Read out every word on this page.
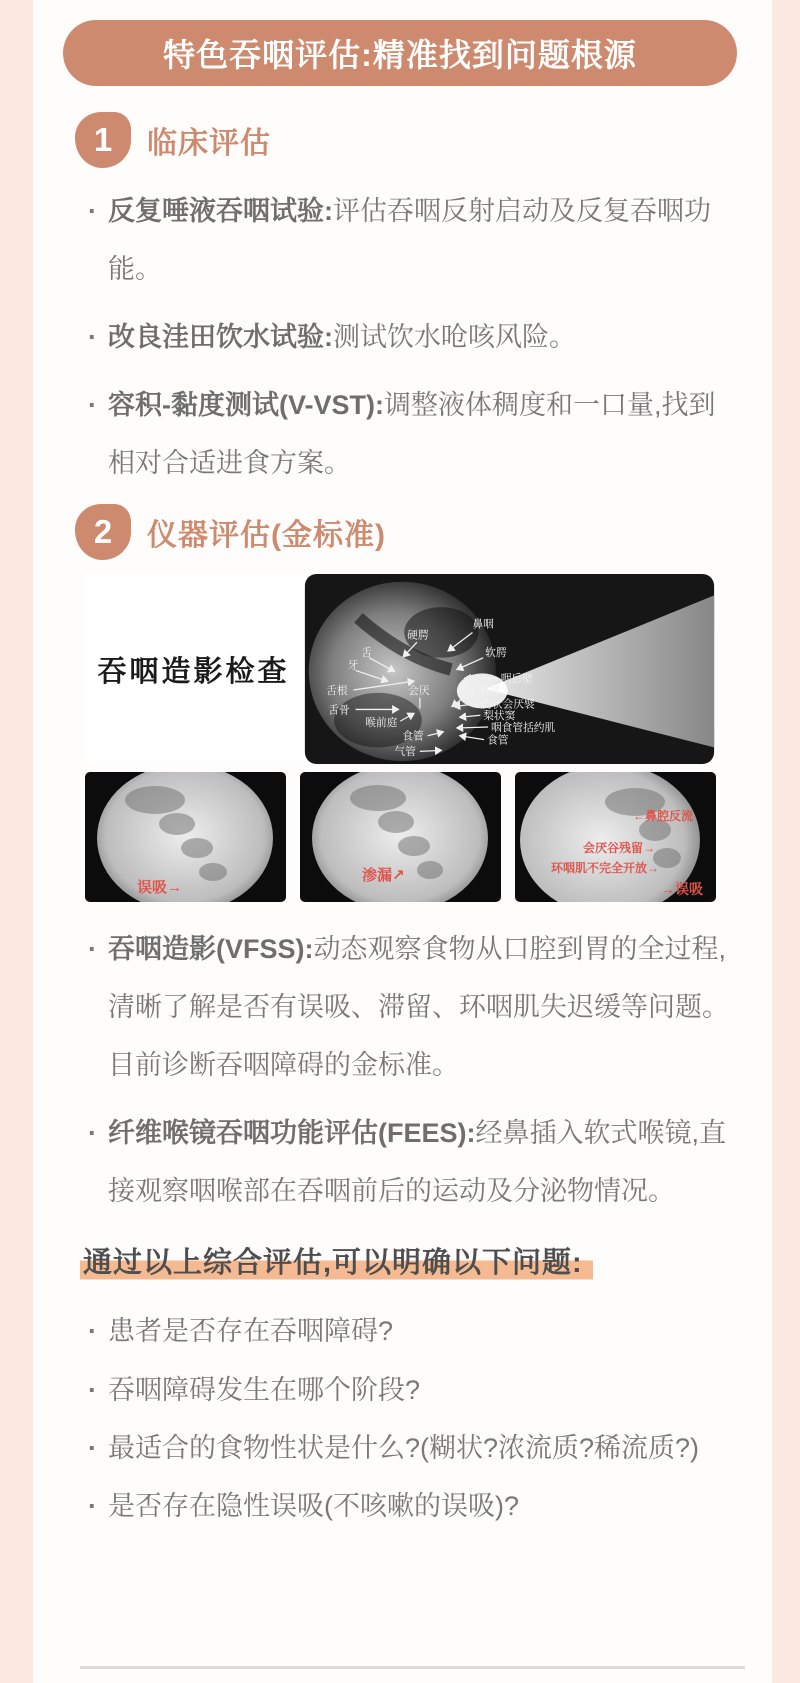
特色吞咽评估:精准找到问题根源
1	临床评估
· 反复唾液吞咽试验:评估吞咽反射启动及反复吞咽功能。
· 改良洼田饮水试验:测试饮水呛咳风险。
· 容积-黏度测试(V-VST):调整液体稠度和一口量,找到相对合适进食方案。
2	仪器评估(金标准)
吞咽造影检查
硬腭
鼻咽
软腭
咽后壁
下咽部
杓状会厌襞
梨状窦
咽食管括约肌
食管
舌
牙
舌根
舌骨
会厌
喉前庭
食管
气管
误吸→
渗漏↗
←鼻腔反流
会厌谷残留→
环咽肌不完全开放→
→误吸
· 吞咽造影(VFSS):动态观察食物从口腔到胃的全过程,清晰了解是否有误吸、滞留、环咽肌失迟缓等问题。目前诊断吞咽障碍的金标准。
· 纤维喉镜吞咽功能评估(FEES):经鼻插入软式喉镜,直接观察咽喉部在吞咽前后的运动及分泌物情况。
通过以上综合评估,可以明确以下问题:
· 患者是否存在吞咽障碍?
· 吞咽障碍发生在哪个阶段?
· 最适合的食物性状是什么?(糊状?浓流质?稀流质?)
· 是否存在隐性误吸(不咳嗽的误吸)?
